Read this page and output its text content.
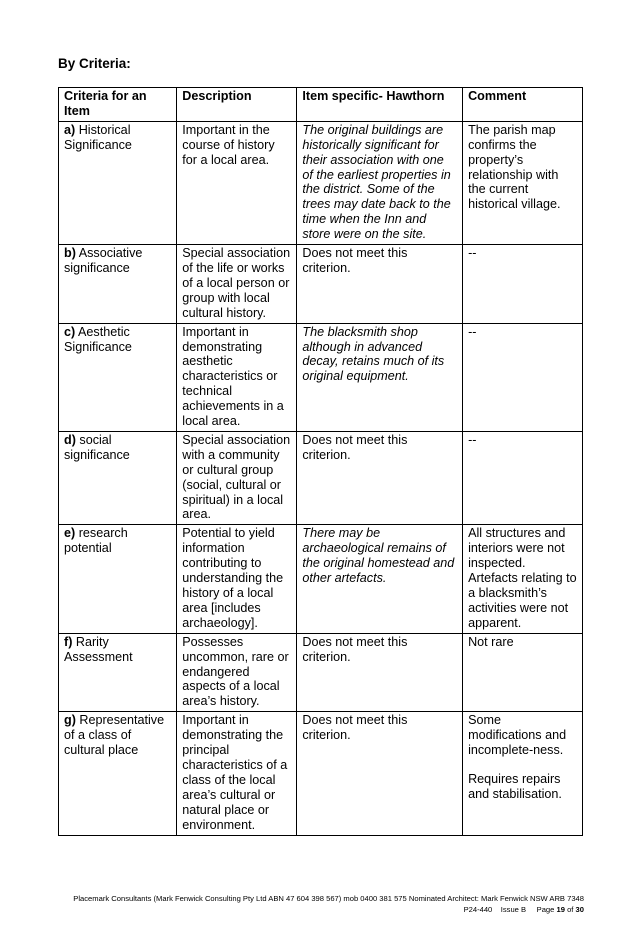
By Criteria:
Criteria for an Item	Description	Item specific- Hawthorn	Comment
a) Historical Significance	Important in the course of history for a local area.	The original buildings are historically significant for their association with one of the earliest properties in the district. Some of the trees may date back to the time when the Inn and store were on the site.	The parish map confirms the property’s relationship with the current historical village.

b) Associative significance	Special association of the life or works of a local person or group with local cultural history.	Does not meet this criterion.	--

c) Aesthetic Significance	Important in demonstrating aesthetic characteristics or technical achievements in a local area.	The blacksmith shop although in advanced decay, retains much of its original equipment.	--

d) social significance	Special association with a community or cultural group (social, cultural or spiritual) in a local area.	Does not meet this criterion.	--

e) research potential	Potential to yield information contributing to understanding the history of a local area [includes archaeology].	There may be archaeological remains of the original homestead and other artefacts.	All structures and interiors were not inspected. Artefacts relating to a blacksmith’s activities were not apparent.

f) Rarity Assessment	Possesses uncommon, rare or endangered aspects of a local area’s history.	Does not meet this criterion.	Not rare

g) Representative of a class of cultural place	Important in demonstrating the principal characteristics of a class of the local area’s cultural or natural place or environment.	Does not meet this criterion.	Some modifications and incomplete-ness.
Requires repairs and stabilisation.
Placemark Consultants (Mark Fenwick Consulting Pty Ltd ABN 47 604 398 567) mob 0400 381 575 Nominated Architect: Mark Fenwick NSW ARB 7348
P24-440 Issue B Page 19 of 30
